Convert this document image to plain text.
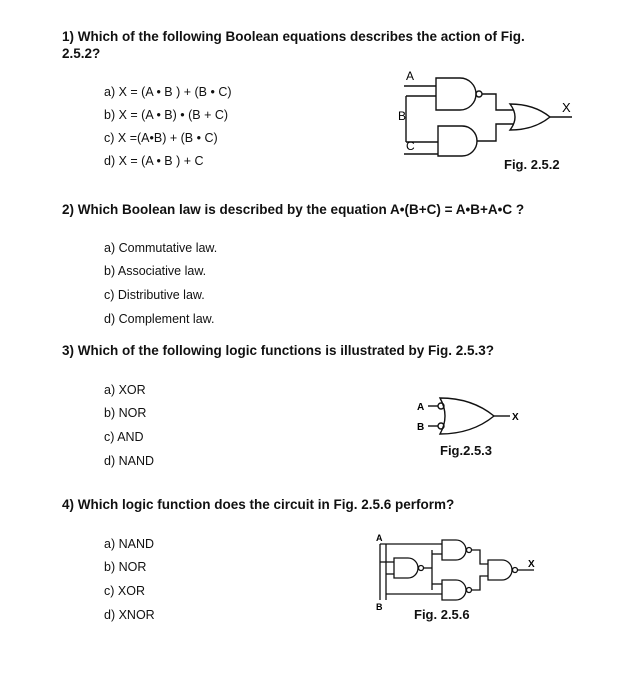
1) Which of the following Boolean equations describes the action of Fig. 2.5.2?
a) X = (A • B ) + (B • C)
b) X = (A • B) • (B + C)
c) X =(A•B) + (B • C)
d) X = (A • B ) + C
A
B
C
X
Fig. 2.5.2
2) Which Boolean law is described by the equation A•(B+C) = A•B+A•C ?
a) Commutative law.
b) Associative law.
c) Distributive law.
d) Complement law.
3) Which of the following logic functions is illustrated by Fig. 2.5.3?
a) XOR
b) NOR
c) AND
d) NAND
A
B
X
Fig.2.5.3
4) Which logic function does the circuit in Fig. 2.5.6 perform?
a) NAND
b) NOR
c) XOR
d) XNOR
A
B
X
Fig. 2.5.6
